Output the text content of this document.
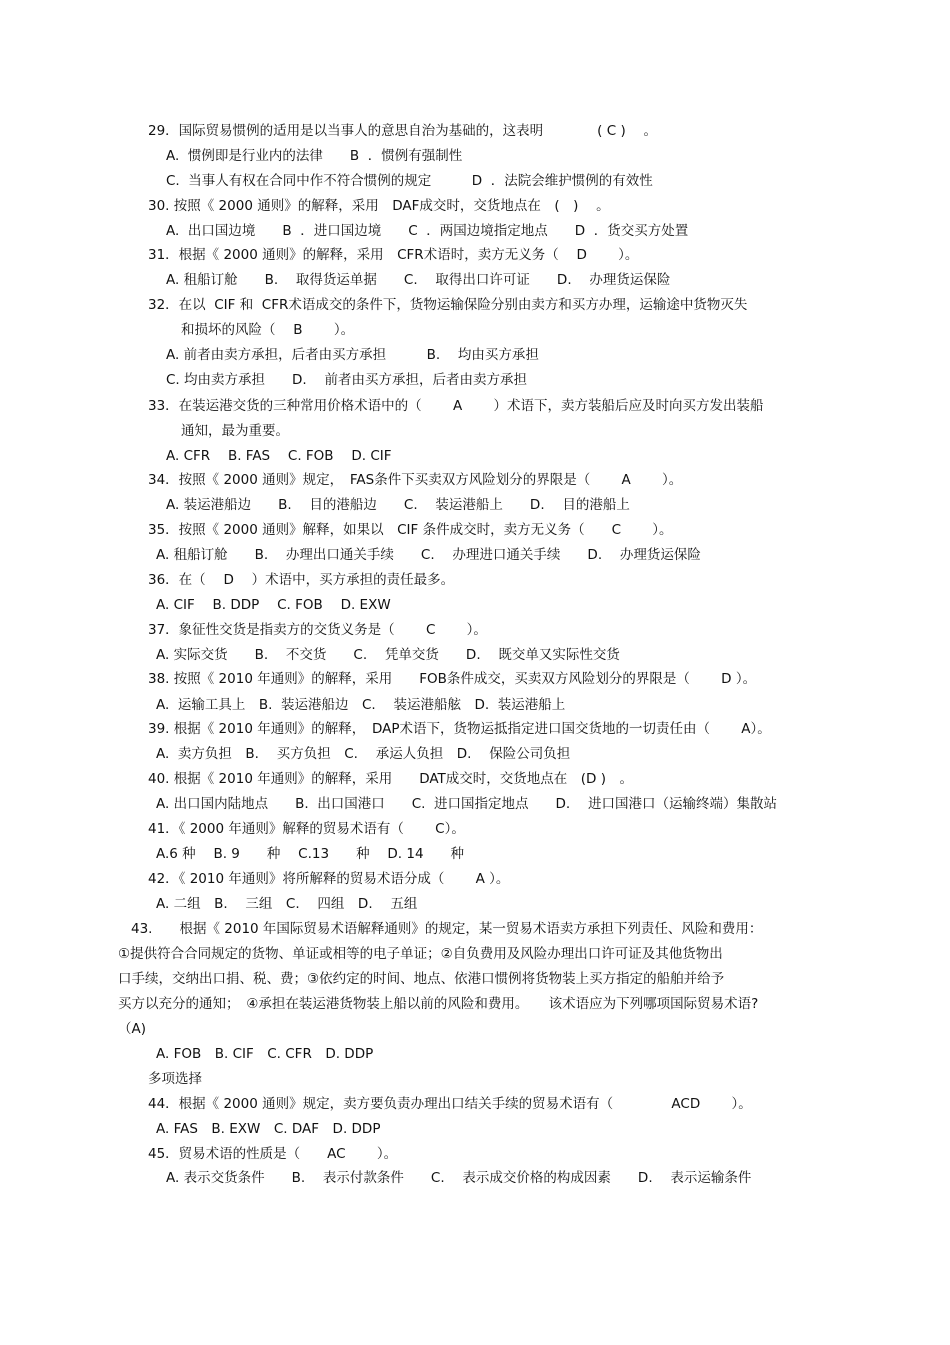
29．国际贸易惯例的适用是以当事人的意思自治为基础的，这表明　　　　( C )　 。
A.  惯例即是行业内的法律　　B  ．惯例有强制性
C.  当事人有权在合同中作不符合惯例的规定　　　D  ．法院会维护惯例的有效性
30. 按照《 2000 通则》的解释，采用　DAF成交时，交货地点在　(　)　 。
A.  出口国边境　　B  ．进口国边境　　C  ．两国边境指定地点　　D  ．货交买方处置
31．根据《 2000 通则》的解释，采用　CFR术语时，卖方无义务（　 D　　 ）。
A. 租船订舱　　B.　 取得货运单据　　C.　 取得出口许可证　　D.　 办理货运保险
32．在以  CIF 和  CFR术语成交的条件下，货物运输保险分别由卖方和买方办理，运输途中货物灭失
和损坏的风险（　 B　　 ）。
A. 前者由卖方承担，后者由买方承担　　　B.　 均由买方承担
C. 均由卖方承担　　D.　 前者由买方承担，后者由卖方承担
33．在装运港交货的三种常用价格术语中的（　　 A　　 ）术语下，卖方装船后应及时向买方发出装船
通知，最为重要。
A. CFR　 B. FAS　 C. FOB　 D. CIF
34．按照《 2000 通则》规定，　FAS条件下买卖双方风险划分的界限是（　　 A　　 ）。
A. 装运港船边　　B.　 目的港船边　　C.　 装运港船上　　D.　 目的港船上
35．按照《 2000 通则》解释，如果以　CIF 条件成交时，卖方无义务（　　C　　 ）。
A. 租船订舱　　B.　 办理出口通关手续　　C.　 办理进口通关手续　　D.　 办理货运保险
36．在（　 D　 ）术语中，买方承担的责任最多。
A. CIF　 B. DDP　 C. FOB　 D. EXW
37．象征性交货是指卖方的交货义务是（　　 C　　 ）。
A. 实际交货　　B.　 不交货　　C.　 凭单交货　　D.　 既交单又实际性交货
38. 按照《 2010 年通则》的解释，采用　　FOB条件成交，买卖双方风险划分的界限是（　　 D ）。
A.  运输工具上　B.  装运港船边　C.　 装运港船舷　D.  装运港船上
39. 根据《 2010 年通则》的解释，　DAP术语下，货物运抵指定进口国交货地的一切责任由（　　 A）。
A.  卖方负担　B.　 买方负担　C.　 承运人负担　D.　 保险公司负担
40. 根据《 2010 年通则》的解释，采用　　DAT成交时，交货地点在　(D )　。
A. 出口国内陆地点　　B.  出口国港口　　C.  进口国指定地点　　D.　 进口国港口（运输终端）集散站
41．《 2000 年通则》解释的贸易术语有（　　 C）。
A.6 种　 B. 9　　种　 C.13　　种　 D. 14　　种
42．《 2010 年通则》将所解释的贸易术语分成（　　 A ）。
A. 二组　B.　 三组　C.　 四组　D.　 五组
43.　　根据《 2010 年国际贸易术语解释通则》的规定，某一贸易术语卖方承担下列责任、风险和费用：
①提供符合合同规定的货物、单证或相等的电子单证；②自负费用及风险办理出口许可证及其他货物出
口手续，交纳出口捐、税、费；③依约定的时间、地点、依港口惯例将货物装上买方指定的船舶并给予
买方以充分的通知；　④承担在装运港货物装上船以前的风险和费用。　　该术语应为下列哪项国际贸易术语?
（A)
A. FOB　B. CIF　C. CFR　D. DDP
多项选择
44．根据《 2000 通则》规定，卖方要负责办理出口结关手续的贸易术语有（　　　　 ACD　　 ）。
A. FAS　B. EXW　C. DAF　D. DDP
45．贸易术语的性质是（　　AC　　 ）。
A. 表示交货条件　　B.　 表示付款条件　　C.　 表示成交价格的构成因素　　D.　 表示运输条件
